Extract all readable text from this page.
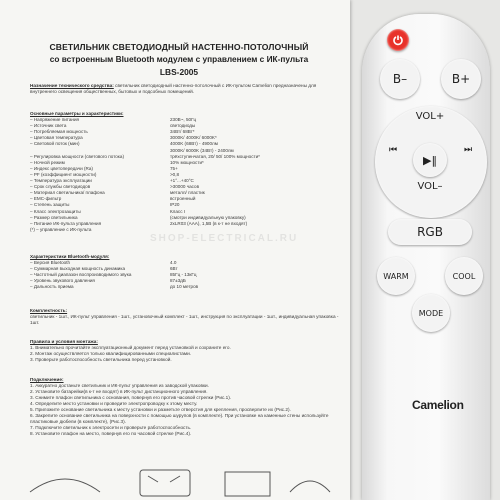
СВЕТИЛЬНИК СВЕТОДИОДНЫЙ НАСТЕННО-ПОТОЛОЧНЫЙ
со встроенным Bluetooth модулем с управлением с ИК-пульта
LBS-2005
Назначение технического средства: светильник светодиодный настенно-потолочный с ИК-пультом Camelion предназначены для внутреннего освещения общественных, бытовых и подсобных помещений.
Основные параметры и характеристики:
– Напряжение питания	230В~, 50Гц
– Источник света	светодиоды
– Потребляемая мощность	34Вт/ 68Вт*
– Цветовая температура	3000K/ 4000K/ 6000K*
– Световой поток (мин)	4000K (68Вт) - 4900лм
3000K/ 6000K (34Вт) - 2400лм
– Регулировка мощности (светового потока)	трёхступенчатая, 20/ 50/ 100% мощности*
– Ночной режим	10% мощности*
– Индекс цветопередачи (Ra)	75+
– PF (коэффициент мощности)	>0,8
– Температура эксплуатации	+1°...+40°С
– Срок службы светодиодов	>30000 часов
– Материал светильника/ плафона	металл/ пластик
– EMC-фильтр	встроенный
– Степень защиты	IP20
– Класс электрозащиты	Класс I
– Размер светильника	(смотри индивидуальную упаковку)
– Питание ИК-пульта управления	2хLR03 (AAA), 1,5В (в к-т не входят)
(*) – управление с ИК-пульта
Характеристики Bluetooth-модуля:
– Версия Bluetooth	4.0
– Суммарная выходная мощность динамика	6Вт
– Частотный диапазон воспроизводимого звука	85Гц - 13кГц
– Уровень звукового давления	87±3дБ
– Дальность приема	до 10 метров
Комплектность:
светильник - 1шт., ИК-пульт управления - 1шт., установочный комплект - 1шт., инструкция по эксплуатации - 1шт., индивидуальная упаковка - 1шт.
Правила и условия монтажа:
1. Внимательно прочитайте эксплуатационный документ перед установкой и сохраните его.
2. Монтаж осуществляется только квалифицированными специалистами.
3. Проверьте работоспособность светильника перед установкой.
Подключение:
1. Аккуратно достаньте светильник и ИК-пульт управления из заводской упаковки.
2. Установите батарейки(в к-т не входят) в ИК-пульт дистанционного управления.
3. Снимите плафон светильника с основания, повернув его против часовой стрелки (Рис.1).
4. Определите место установки и проведите электропроводку к этому месту.
5. Приложите основание светильника к месту установки и разметьте отверстия для крепления, просверлите их (Рис.2).
6. Закрепите основание светильника на поверхности с помощью шурупов (в комплекте). При установке на каменные стены используйте пластиковые дюбели (в комплекте), (Рис.3).
7. Подключите светильник к электросети и проверьте работоспособность.
8. Установите плафон на место, повернув его по часовой стрелке (Рис.4).
SHOP-ELECTRICAL.RU
B–	B+
VOL+
VOL–
⏮	⏭
▶‖
RGB
WARM	COOL
MODE
Camelion
